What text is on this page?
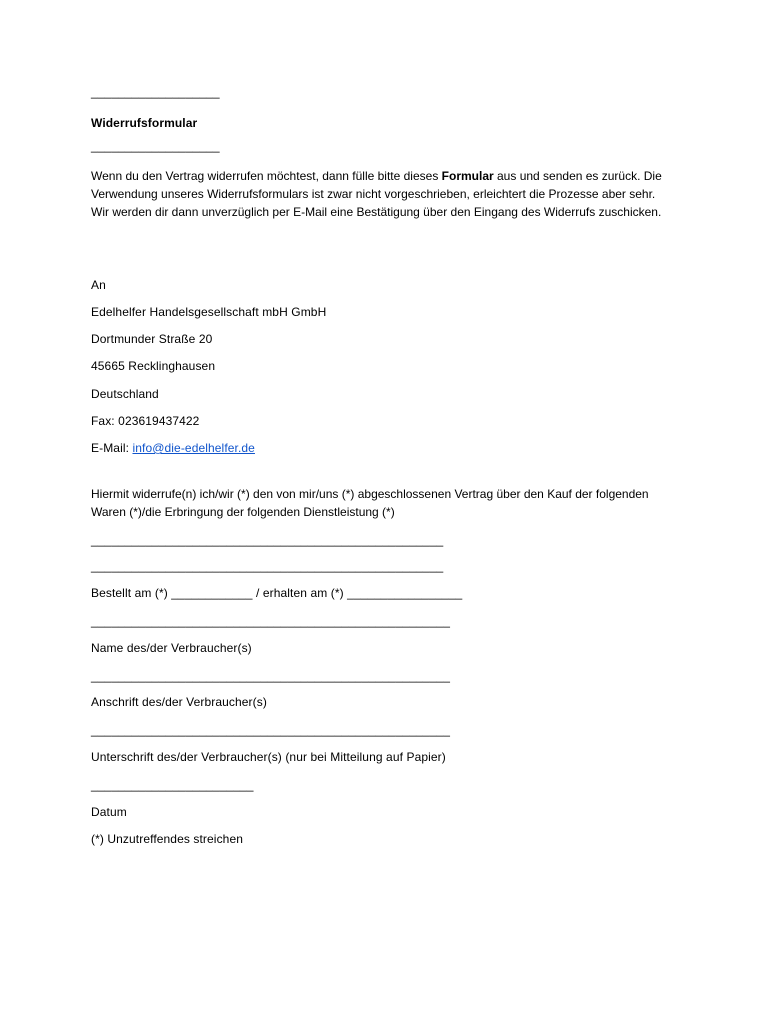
___________________
Widerrufsformular
___________________
Wenn du den Vertrag widerrufen möchtest, dann fülle bitte dieses Formular aus und senden es zurück. Die Verwendung unseres Widerrufsformulars ist zwar nicht vorgeschrieben, erleichtert die Prozesse aber sehr. Wir werden dir dann unverzüglich per E-Mail eine Bestätigung über den Eingang des Widerrufs zuschicken.
An
Edelhelfer Handelsgesellschaft mbH GmbH
Dortmunder Straße 20
45665 Recklinghausen
Deutschland
Fax: 023619437422
E-Mail: info@die-edelhelfer.de
Hiermit widerrufe(n) ich/wir (*) den von mir/uns (*) abgeschlossenen Vertrag über den Kauf der folgenden Waren (*)/die Erbringung der folgenden Dienstleistung (*)
____________________________________________________
____________________________________________________
Bestellt am (*) ____________ / erhalten am (*) _________________
_____________________________________________________
Name des/der Verbraucher(s)
_____________________________________________________
Anschrift des/der Verbraucher(s)
_____________________________________________________
Unterschrift des/der Verbraucher(s) (nur bei Mitteilung auf Papier)
________________________
Datum
(*) Unzutreffendes streichen
